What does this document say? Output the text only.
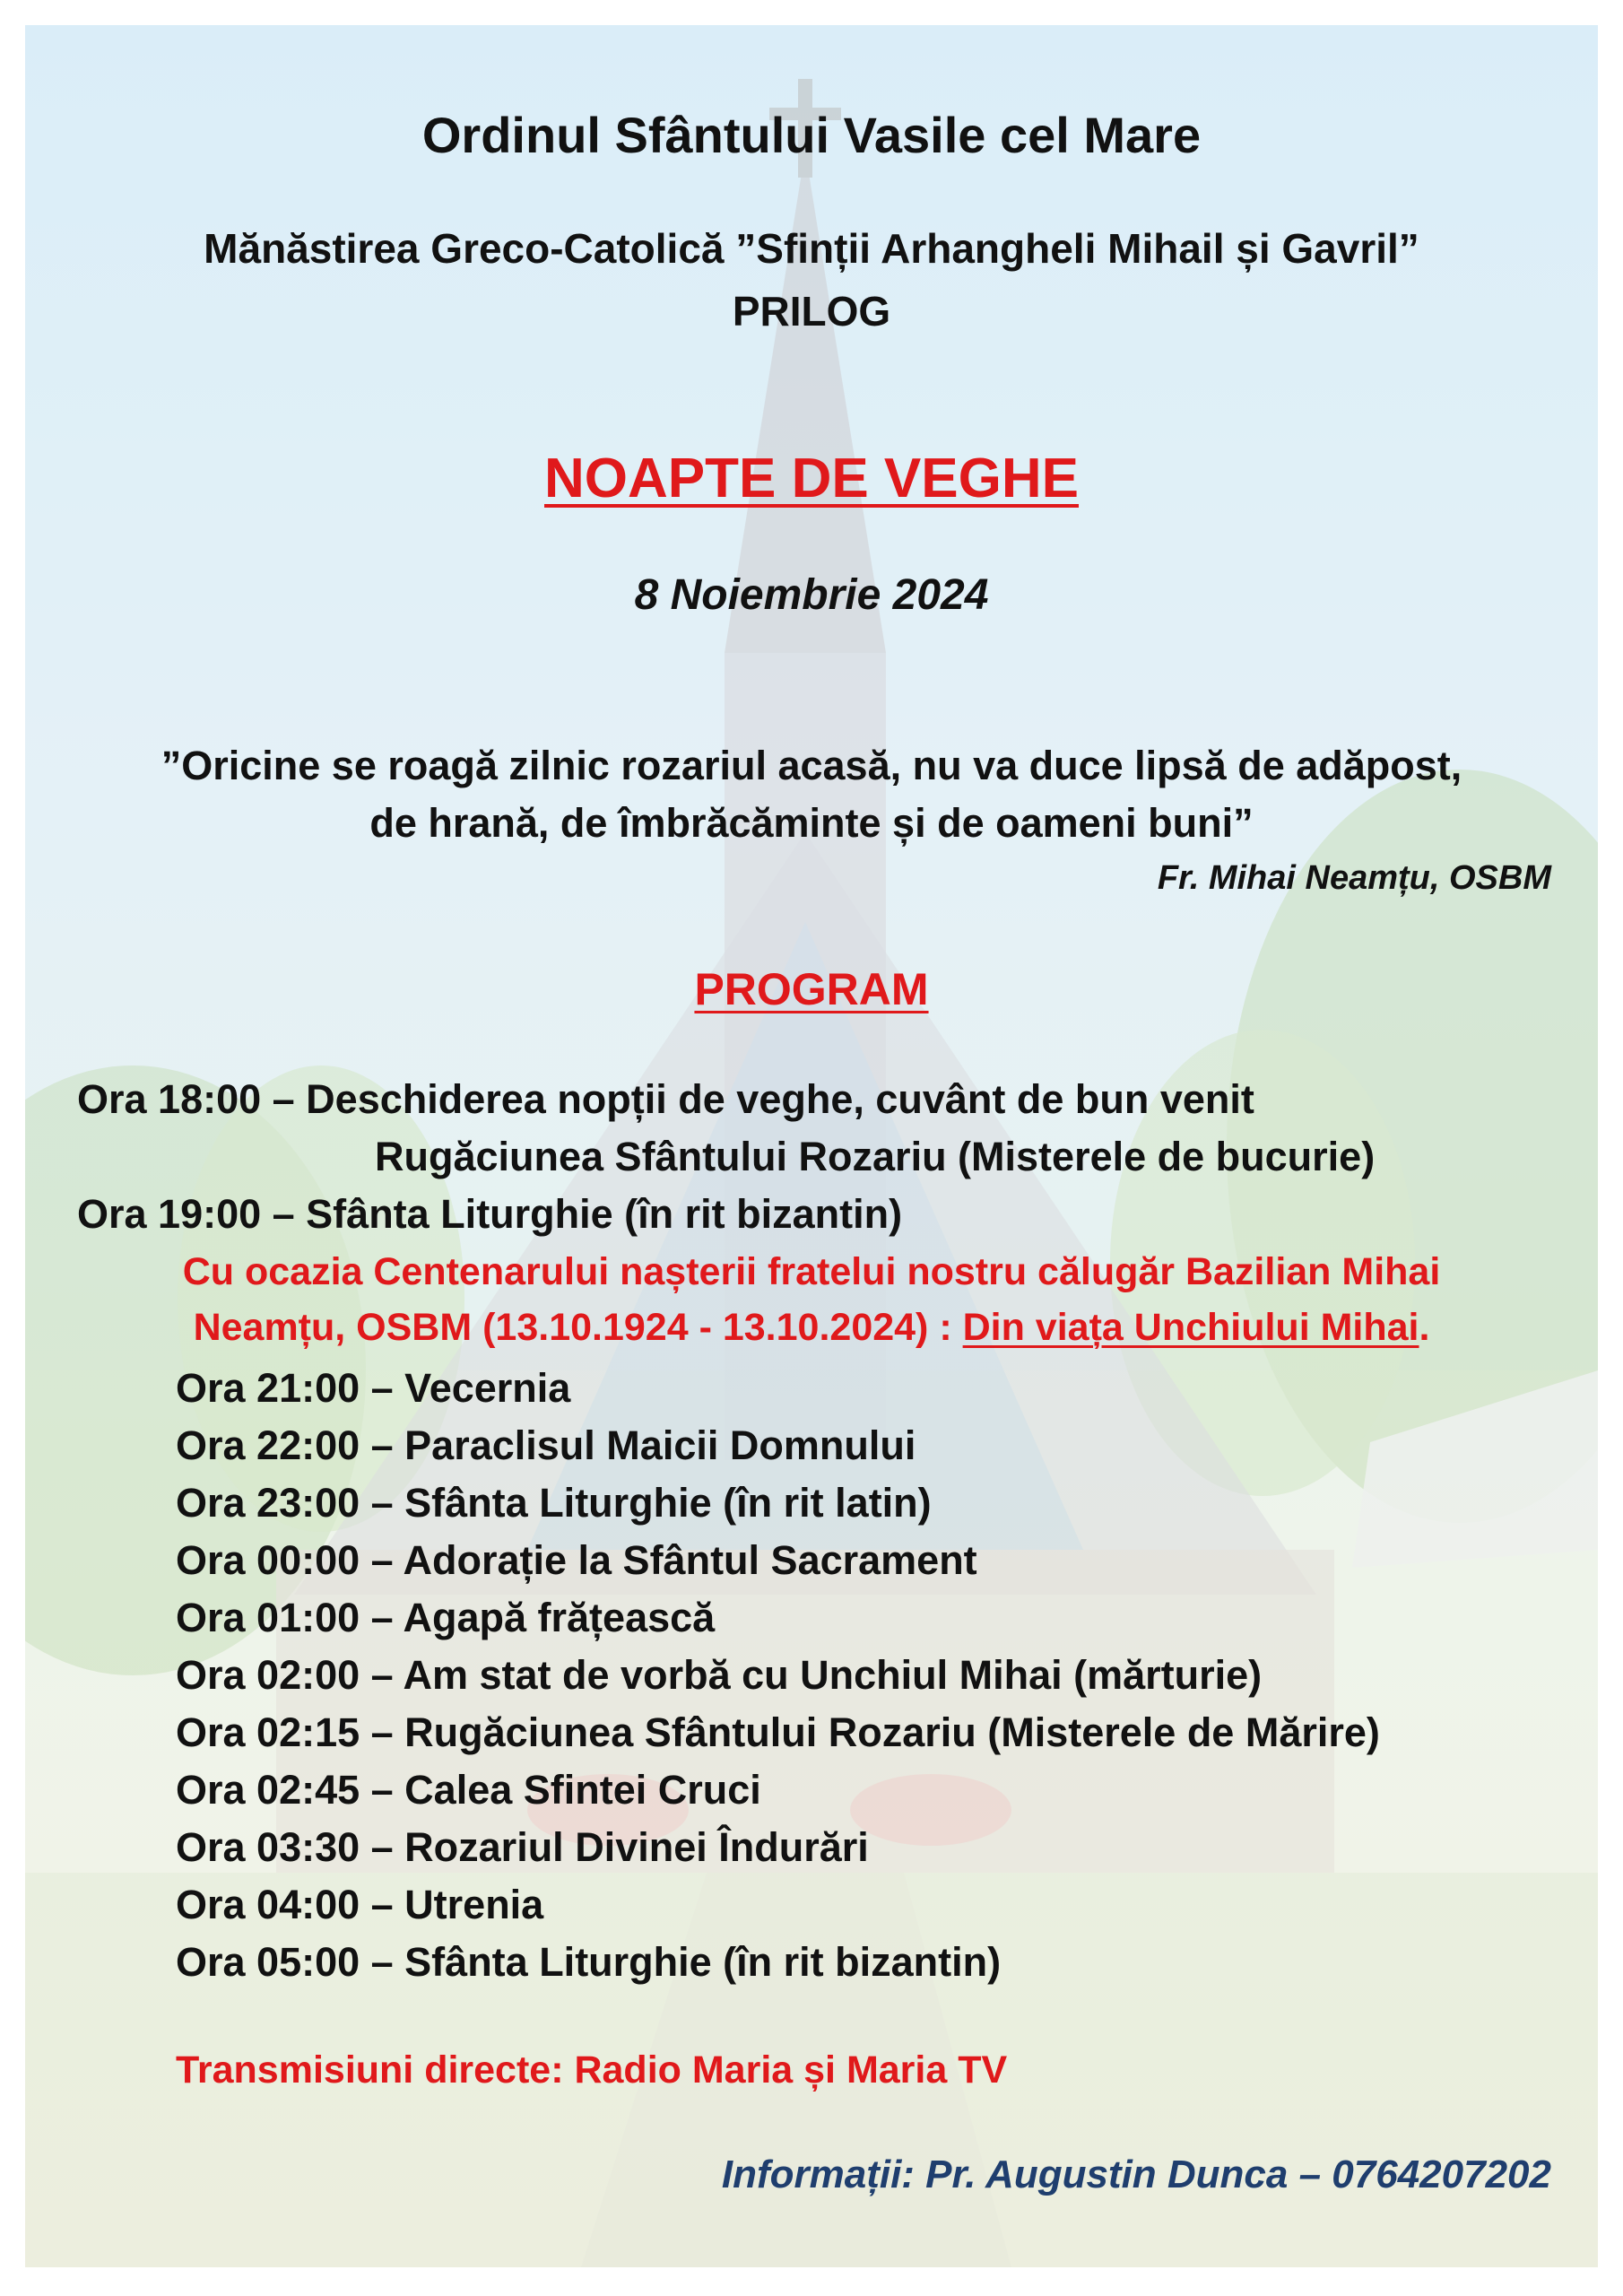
Ordinul Sfântului Vasile cel Mare
Mănăstirea Greco-Catolică ”Sfinții Arhangheli Mihail și Gavril”
PRILOG
NOAPTE DE VEGHE
8 Noiembrie 2024
”Oricine se roagă zilnic rozariul acasă, nu va duce lipsă de adăpost,
de hrană, de îmbrăcăminte și de oameni buni”
Fr. Mihai Neamțu, OSBM
PROGRAM
Ora 18:00 – Deschiderea nopții de veghe, cuvânt de bun venit
Rugăciunea Sfântului Rozariu (Misterele de bucurie)
Ora 19:00 – Sfânta Liturghie (în rit bizantin)
Cu ocazia Centenarului nașterii fratelui nostru călugăr Bazilian Mihai
Neamțu, OSBM (13.10.1924 - 13.10.2024) : Din viața Unchiului Mihai.
Ora 21:00 – Vecernia
Ora 22:00 – Paraclisul Maicii Domnului
Ora 23:00 – Sfânta Liturghie (în rit latin)
Ora 00:00 – Adorație la Sfântul Sacrament
Ora 01:00 – Agapă frățească
Ora 02:00 – Am stat de vorbă cu Unchiul Mihai (mărturie)
Ora 02:15 – Rugăciunea Sfântului Rozariu (Misterele de Mărire)
Ora 02:45 – Calea Sfintei Cruci
Ora 03:30 – Rozariul Divinei Îndurări
Ora 04:00 – Utrenia
Ora 05:00 – Sfânta Liturghie (în rit bizantin)
Transmisiuni directe: Radio Maria și Maria TV
Informații: Pr. Augustin Dunca – 0764207202
